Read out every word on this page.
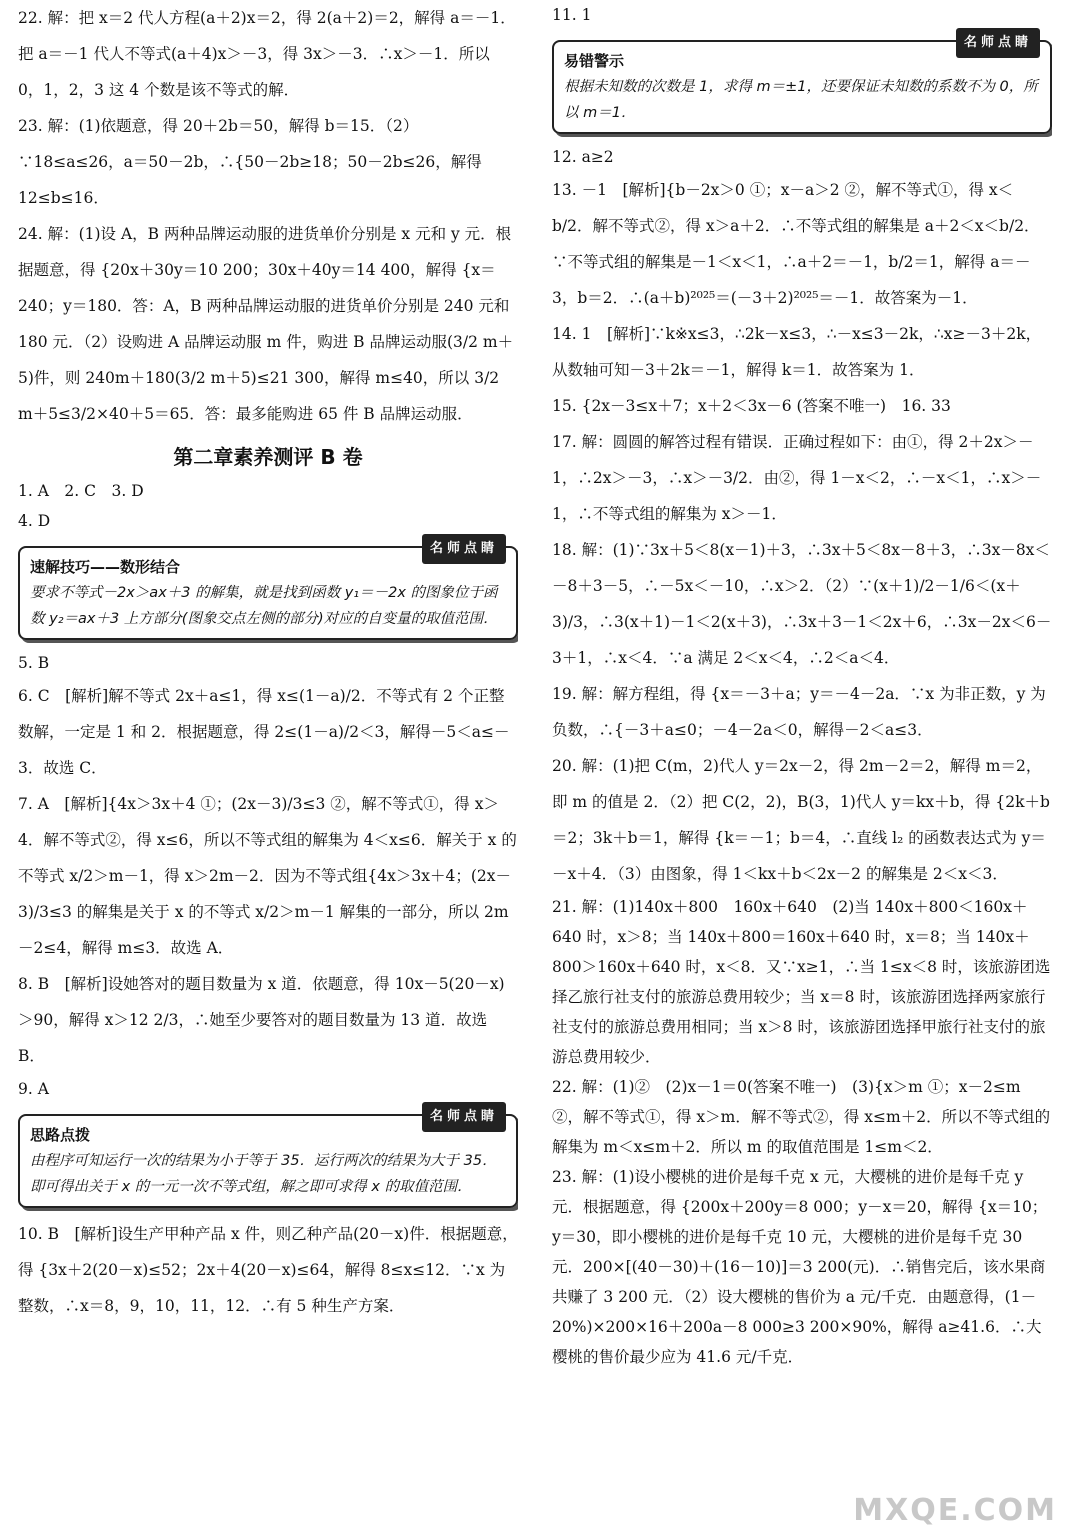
22. 解：把 x＝2 代人方程(a＋2)x＝2，得 2(a＋2)＝2，解得 a＝－1．把 a＝－1 代人不等式(a＋4)x＞－3，得 3x＞－3．∴x＞－1．所以 0，1，2，3 这 4 个数是该不等式的解．

23. 解：(1)依题意，得 20＋2b＝50，解得 b＝15．（2）∵18≤a≤26，a＝50－2b，∴{50－2b≥18；50－2b≤26，解得 12≤b≤16．

24. 解：(1)设 A，B 两种品牌运动服的进货单价分别是 x 元和 y 元．根据题意，得 {20x＋30y＝10 200；30x＋40y＝14 400，解得 {x＝240；y＝180．答：A，B 两种品牌运动服的进货单价分别是 240 元和 180 元．（2）设购进 A 品牌运动服 m 件，购进 B 品牌运动服(3/2 m＋5)件，则 240m＋180(3/2 m＋5)≤21 300，解得 m≤40，所以 3/2 m＋5≤3/2×40＋5＝65．答：最多能购进 65 件 B 品牌运动服．

第二章素养测评 B 卷

1. A　2. C　3. D

4. D

名师点睛
速解技巧——数形结合
要求不等式－2x＞ax＋3 的解集，就是找到函数 y₁＝－2x 的图象位于函数 y₂＝ax＋3 上方部分(图象交点左侧的部分)对应的自变量的取值范围．

5. B

6. C　[解析]解不等式 2x＋a≤1，得 x≤(1－a)/2．不等式有 2 个正整数解，一定是 1 和 2．根据题意，得 2≤(1－a)/2＜3，解得－5＜a≤－3．故选 C．

7. A　[解析]{4x＞3x＋4 ①；(2x－3)/3≤3 ②，解不等式①，得 x＞4．解不等式②，得 x≤6，所以不等式组的解集为 4＜x≤6．解关于 x 的不等式 x/2＞m－1，得 x＞2m－2．因为不等式组{4x＞3x＋4；(2x－3)/3≤3 的解集是关于 x 的不等式 x/2＞m－1 解集的一部分，所以 2m－2≤4，解得 m≤3．故选 A．

8. B　[解析]设她答对的题目数量为 x 道．依题意，得 10x－5(20－x)＞90，解得 x＞12 2/3，∴她至少要答对的题目数量为 13 道．故选 B．

9. A

名师点睛
思路点拨
由程序可知运行一次的结果为小于等于 35．运行两次的结果为大于 35．即可得出关于 x 的一元一次不等式组，解之即可求得 x 的取值范围．

10. B　[解析]设生产甲种产品 x 件，则乙种产品(20－x)件．根据题意，得 {3x＋2(20－x)≤52；2x＋4(20－x)≤64，解得 8≤x≤12．∵x 为整数，∴x＝8，9，10，11，12．∴有 5 种生产方案．

11. 1

名师点睛
易错警示
根据未知数的次数是 1，求得 m＝±1，还要保证未知数的系数不为 0，所以 m＝1．

12. a≥2

13. －1　[解析]{b－2x＞0 ①；x－a＞2 ②，解不等式①，得 x＜b/2．解不等式②，得 x＞a＋2．∴不等式组的解集是 a＋2＜x＜b/2．∵不等式组的解集是－1＜x＜1，∴a＋2＝－1，b/2＝1，解得 a＝－3，b＝2．∴(a＋b)²⁰²⁵＝(－3＋2)²⁰²⁵＝－1．故答案为－1．

14. 1　[解析]∵k※x≤3，∴2k－x≤3，∴－x≤3－2k，∴x≥－3＋2k，从数轴可知－3＋2k＝－1，解得 k＝1．故答案为 1．

15. {2x－3≤x＋7；x＋2＜3x－6 (答案不唯一)　16. 33

17. 解：圆圆的解答过程有错误．正确过程如下：由①，得 2＋2x＞－1，∴2x＞－3，∴x＞－3/2．由②，得 1－x＜2，∴－x＜1，∴x＞－1，∴不等式组的解集为 x＞－1．

18. 解：(1)∵3x＋5＜8(x－1)＋3，∴3x＋5＜8x－8＋3，∴3x－8x＜－8＋3－5，∴－5x＜－10，∴x＞2．（2）∵(x＋1)/2－1/6＜(x＋3)/3，∴3(x＋1)－1＜2(x＋3)，∴3x＋3－1＜2x＋6，∴3x－2x＜6－3＋1，∴x＜4．∵a 满足 2＜x＜4，∴2＜a＜4．

19. 解：解方程组，得 {x＝－3＋a；y＝－4－2a．∵x 为非正数，y 为负数，∴{－3＋a≤0；－4－2a＜0，解得－2＜a≤3．

20. 解：(1)把 C(m，2)代人 y＝2x－2，得 2m－2＝2，解得 m＝2，即 m 的值是 2．（2）把 C(2，2)，B(3，1)代人 y＝kx＋b，得 {2k＋b＝2；3k＋b＝1，解得 {k＝－1；b＝4，∴直线 l₂ 的函数表达式为 y＝－x＋4．（3）由图象，得 1＜kx＋b＜2x－2 的解集是 2＜x＜3．

21. 解：(1)140x＋800　160x＋640　(2)当 140x＋800＜160x＋640 时，x＞8；当 140x＋800＝160x＋640 时，x＝8；当 140x＋800＞160x＋640 时，x＜8．又∵x≥1，∴当 1≤x＜8 时，该旅游团选择乙旅行社支付的旅游总费用较少；当 x＝8 时，该旅游团选择两家旅行社支付的旅游总费用相同；当 x＞8 时，该旅游团选择甲旅行社支付的旅游总费用较少．

22. 解：(1)②　(2)x－1＝0(答案不唯一)　(3){x＞m ①；x－2≤m ②，解不等式①，得 x＞m．解不等式②，得 x≤m＋2．所以不等式组的解集为 m＜x≤m＋2．所以 m 的取值范围是 1≤m＜2．

23. 解：(1)设小樱桃的进价是每千克 x 元，大樱桃的进价是每千克 y 元．根据题意，得 {200x＋200y＝8 000；y－x＝20，解得 {x＝10；y＝30，即小樱桃的进价是每千克 10 元，大樱桃的进价是每千克 30 元．200×[(40－30)＋(16－10)]＝3 200(元)．∴销售完后，该水果商共赚了 3 200 元．（2）设大樱桃的售价为 a 元/千克．由题意得，(1－20%)×200×16＋200a－8 000≥3 200×90%，解得 a≥41.6．∴大樱桃的售价最少应为 41.6 元/千克．

MXQE.COM
